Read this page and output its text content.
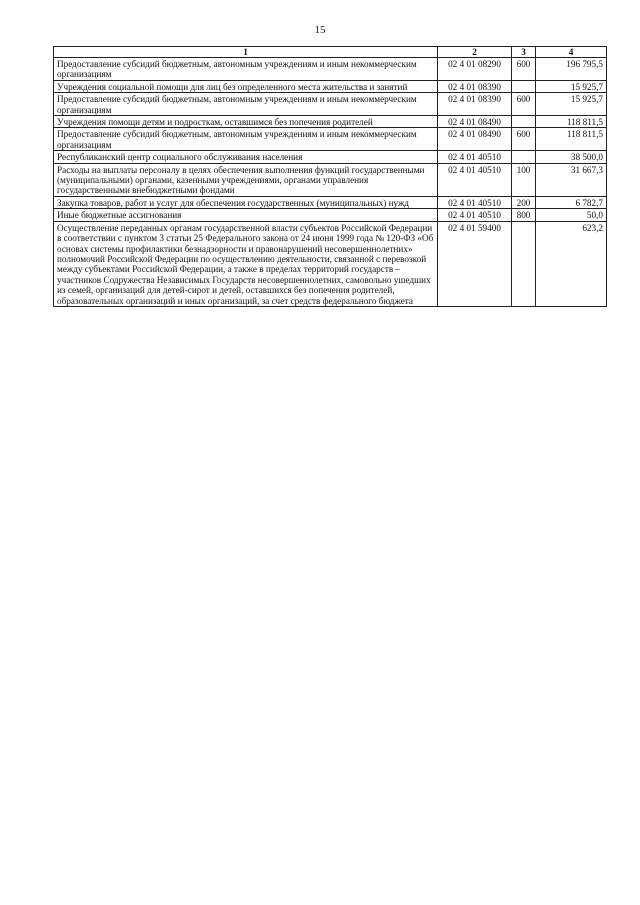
15
1	2	3	4
Предоставление субсидий бюджетным, автономным учреждениям и иным некоммерческим организациям	02 4 01 08290	600	196 795,5
Учреждения социальной помощи для лиц без определенного места жительства и занятий	02 4 01 08390		15 925,7
Предоставление субсидий бюджетным, автономным учреждениям и иным некоммерческим организациям	02 4 01 08390	600	15 925,7
Учреждения помощи детям и подросткам, оставшимся без попечения родителей	02 4 01 08490		118 811,5
Предоставление субсидий бюджетным, автономным учреждениям и иным некоммерческим организациям	02 4 01 08490	600	118 811,5
Республиканский центр социального обслуживания населения	02 4 01 40510		38 500,0
Расходы на выплаты персоналу в целях обеспечения выполнения функций государственными (муниципальными) органами, казенными учреждениями, органами управления государственными внебюджетными фондами	02 4 01 40510	100	31 667,3
Закупка товаров, работ и услуг для обеспечения государственных (муниципальных) нужд	02 4 01 40510	200	6 782,7
Иные бюджетные ассигнования	02 4 01 40510	800	50,0
Осуществление переданных органам государственной власти субъектов Российской Федерации в соответствии с пунктом 3 статьи 25 Федерального закона от 24 июня 1999 года № 120-ФЗ «Об основах системы профилактики безнадзорности и правонарушений несовершеннолетних» полномочий Российской Федерации по осуществлению деятельности, связанной с перевозкой между субъектами Российской Федерации, а также в пределах территорий государств – участников Содружества Независимых Государств несовершеннолетних, самовольно ушедших из семей, организаций для детей-сирот и детей, оставшихся без попечения родителей, образовательных организаций и иных организаций, за счет средств федерального бюджета	02 4 01 59400		623,2
